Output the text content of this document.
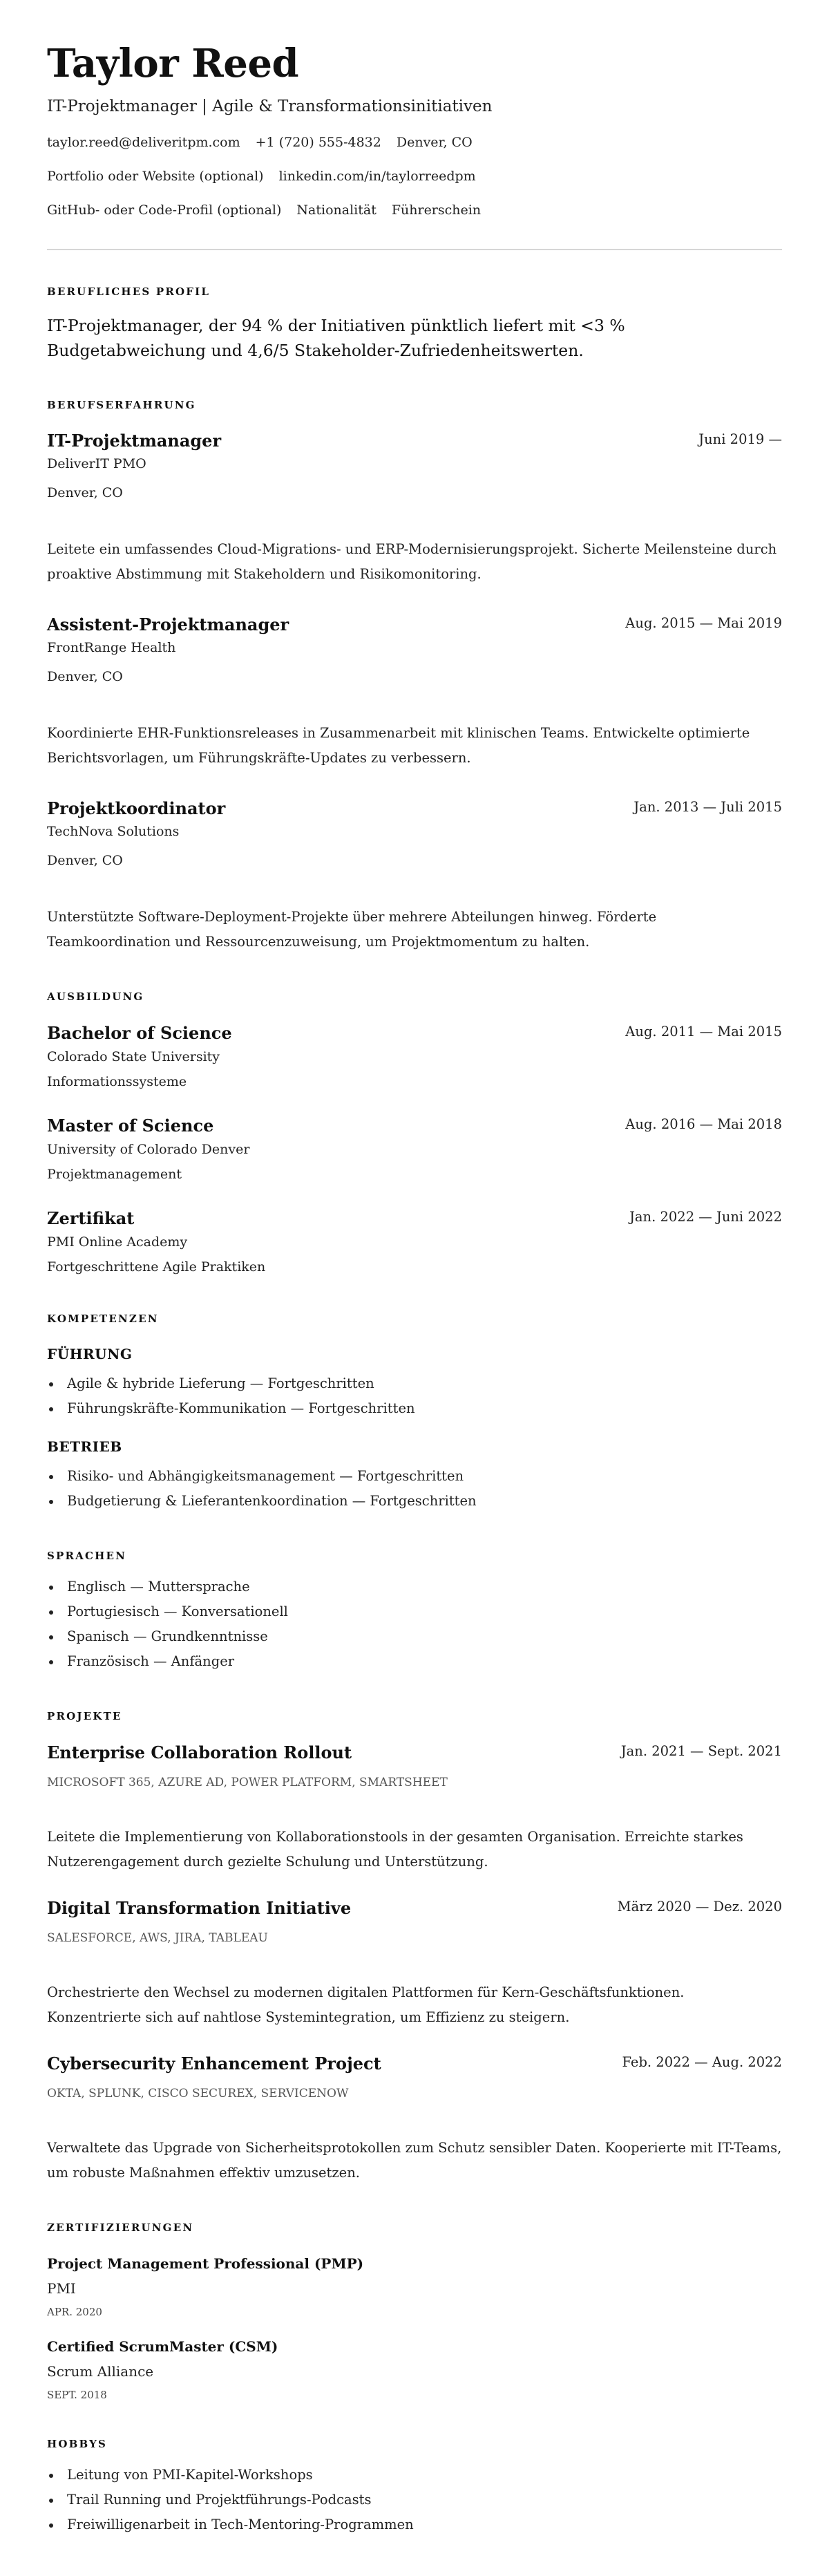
Taylor Reed
IT-Projektmanager | Agile & Transformationsinitiativen
taylor.reed@deliveritpm.com +1 (720) 555-4832 Denver, CO
Portfolio oder Website (optional) linkedin.com/in/taylorreedpm
GitHub- oder Code-Profil (optional) Nationalität Führerschein
BERUFLICHES PROFIL
IT-Projektmanager, der 94 % der Initiativen pünktlich liefert mit <3 % Budgetabweichung und 4,6/5 Stakeholder-Zufriedenheitswerten.
BERUFSERFAHRUNG
IT-Projektmanager	Juni 2019 —
DeliverIT PMO
Denver, CO
Leitete ein umfassendes Cloud-Migrations- und ERP-Modernisierungsprojekt. Sicherte Meilensteine durch proaktive Abstimmung mit Stakeholdern und Risikomonitoring.
Assistent-Projektmanager	Aug. 2015 — Mai 2019
FrontRange Health
Denver, CO
Koordinierte EHR-Funktionsreleases in Zusammenarbeit mit klinischen Teams. Entwickelte optimierte Berichtsvorlagen, um Führungskräfte-Updates zu verbessern.
Projektkoordinator	Jan. 2013 — Juli 2015
TechNova Solutions
Denver, CO
Unterstützte Software-Deployment-Projekte über mehrere Abteilungen hinweg. Förderte Teamkoordination und Ressourcenzuweisung, um Projektmomentum zu halten.
AUSBILDUNG
Bachelor of Science	Aug. 2011 — Mai 2015
Colorado State University
Informationssysteme
Master of Science	Aug. 2016 — Mai 2018
University of Colorado Denver
Projektmanagement
Zertifikat	Jan. 2022 — Juni 2022
PMI Online Academy
Fortgeschrittene Agile Praktiken
KOMPETENZEN
FÜHRUNG
Agile & hybride Lieferung — Fortgeschritten
Führungskräfte-Kommunikation — Fortgeschritten
BETRIEB
Risiko- und Abhängigkeitsmanagement — Fortgeschritten
Budgetierung & Lieferantenkoordination — Fortgeschritten
SPRACHEN
Englisch — Muttersprache
Portugiesisch — Konversationell
Spanisch — Grundkenntnisse
Französisch — Anfänger
PROJEKTE
Enterprise Collaboration Rollout	Jan. 2021 — Sept. 2021
MICROSOFT 365, AZURE AD, POWER PLATFORM, SMARTSHEET
Leitete die Implementierung von Kollaborationstools in der gesamten Organisation. Erreichte starkes Nutzerengagement durch gezielte Schulung und Unterstützung.
Digital Transformation Initiative	März 2020 — Dez. 2020
SALESFORCE, AWS, JIRA, TABLEAU
Orchestrierte den Wechsel zu modernen digitalen Plattformen für Kern-Geschäftsfunktionen. Konzentrierte sich auf nahtlose Systemintegration, um Effizienz zu steigern.
Cybersecurity Enhancement Project	Feb. 2022 — Aug. 2022
OKTA, SPLUNK, CISCO SECUREX, SERVICENOW
Verwaltete das Upgrade von Sicherheitsprotokollen zum Schutz sensibler Daten. Kooperierte mit IT-Teams, um robuste Maßnahmen effektiv umzusetzen.
ZERTIFIZIERUNGEN
Project Management Professional (PMP)
PMI
APR. 2020
Certified ScrumMaster (CSM)
Scrum Alliance
SEPT. 2018
HOBBYS
Leitung von PMI-Kapitel-Workshops
Trail Running und Projektführungs-Podcasts
Freiwilligenarbeit in Tech-Mentoring-Programmen
